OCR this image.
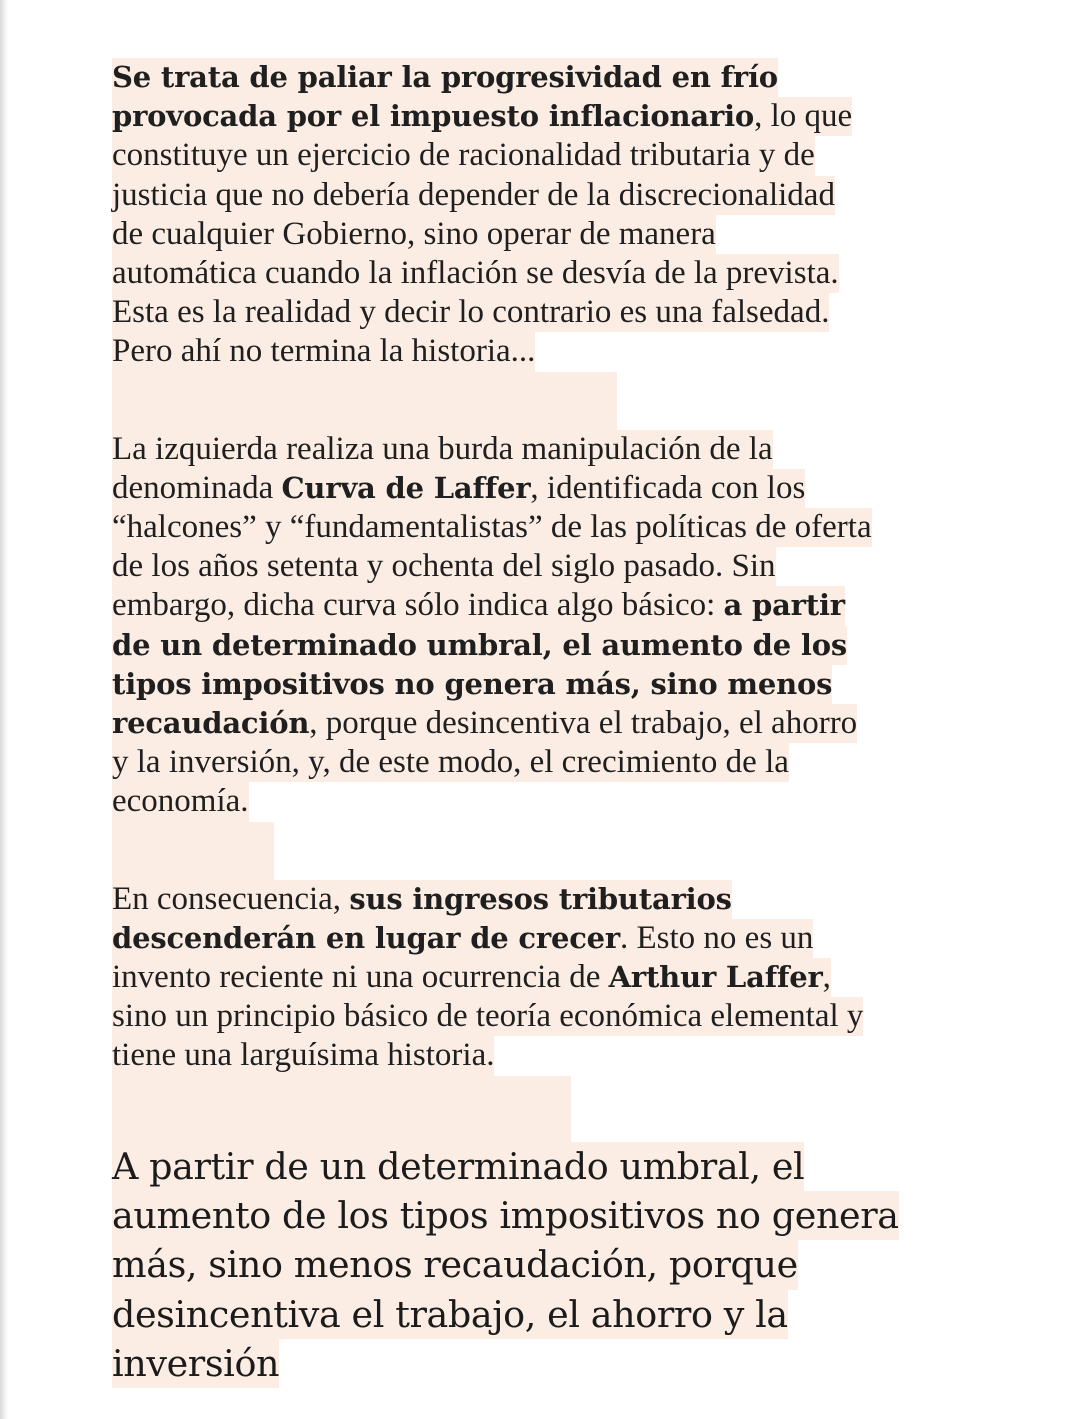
Se trata de paliar la progresividad en frío
provocada por el impuesto inflacionario, lo que
constituye un ejercicio de racionalidad tributaria y de
justicia que no debería depender de la discrecionalidad
de cualquier Gobierno, sino operar de manera
automática cuando la inflación se desvía de la prevista.
Esta es la realidad y decir lo contrario es una falsedad.
Pero ahí no termina la historia...
La izquierda realiza una burda manipulación de la
denominada Curva de Laffer, identificada con los
“halcones” y “fundamentalistas” de las políticas de oferta
de los años setenta y ochenta del siglo pasado. Sin
embargo, dicha curva sólo indica algo básico: a partir
de un determinado umbral, el aumento de los
tipos impositivos no genera más, sino menos
recaudación, porque desincentiva el trabajo, el ahorro
y la inversión, y, de este modo, el crecimiento de la
economía.
En consecuencia, sus ingresos tributarios
descenderán en lugar de crecer. Esto no es un
invento reciente ni una ocurrencia de Arthur Laffer,
sino un principio básico de teoría económica elemental y
tiene una larguísima historia.
A partir de un determinado umbral, el
aumento de los tipos impositivos no genera
más, sino menos recaudación, porque
desincentiva el trabajo, el ahorro y la
inversión
